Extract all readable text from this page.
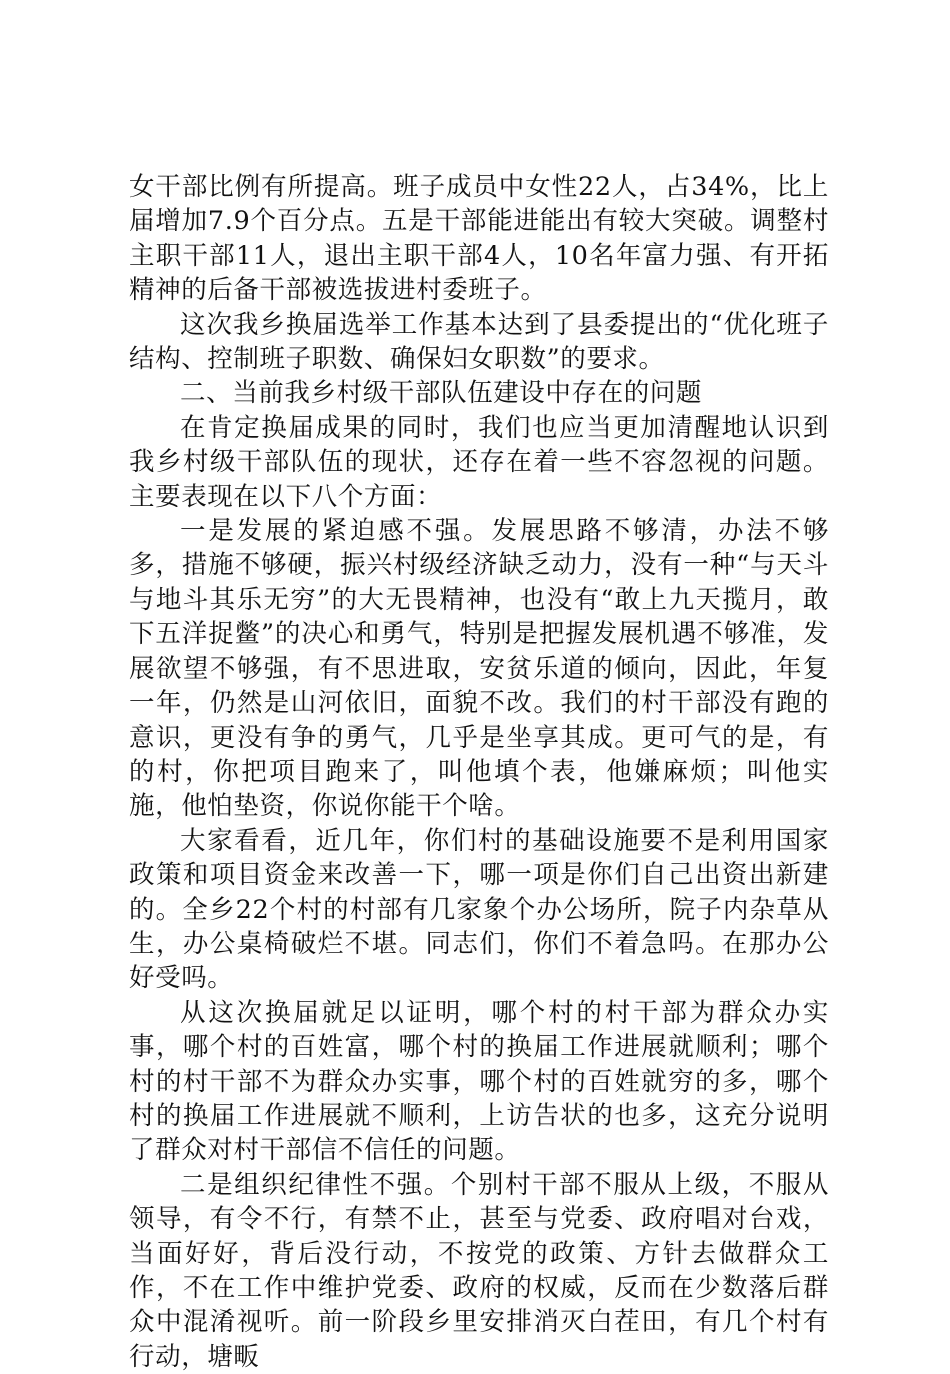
女干部比例有所提高。班子成员中女性22人，占34%，比上届增加7.9个百分点。五是干部能进能出有较大突破。调整村主职干部11人，退出主职干部4人，10名年富力强、有开拓精神的后备干部被选拔进村委班子。

这次我乡换届选举工作基本达到了县委提出的“优化班子结构、控制班子职数、确保妇女职数”的要求。

二、当前我乡村级干部队伍建设中存在的问题

在肯定换届成果的同时，我们也应当更加清醒地认识到我乡村级干部队伍的现状，还存在着一些不容忽视的问题。主要表现在以下八个方面：

一是发展的紧迫感不强。发展思路不够清，办法不够多，措施不够硬，振兴村级经济缺乏动力，没有一种“与天斗与地斗其乐无穷”的大无畏精神，也没有“敢上九天揽月，敢下五洋捉鳖”的决心和勇气，特别是把握发展机遇不够准，发展欲望不够强，有不思进取，安贫乐道的倾向，因此，年复一年，仍然是山河依旧，面貌不改。我们的村干部没有跑的意识，更没有争的勇气，几乎是坐享其成。更可气的是，有的村，你把项目跑来了，叫他填个表，他嫌麻烦；叫他实施，他怕垫资，你说你能干个啥。

大家看看，近几年，你们村的基础设施要不是利用国家政策和项目资金来改善一下，哪一项是你们自己出资出新建的。全乡22个村的村部有几家象个办公场所，院子内杂草从生，办公桌椅破烂不堪。同志们，你们不着急吗。在那办公好受吗。

从这次换届就足以证明，哪个村的村干部为群众办实事，哪个村的百姓富，哪个村的换届工作进展就顺利；哪个村的村干部不为群众办实事，哪个村的百姓就穷的多，哪个村的换届工作进展就不顺利，上访告状的也多，这充分说明了群众对村干部信不信任的问题。

二是组织纪律性不强。个别村干部不服从上级，不服从领导，有令不行，有禁不止，甚至与党委、政府唱对台戏，当面好好，背后没行动，不按党的政策、方针去做群众工作，不在工作中维护党委、政府的权威，反而在少数落后群众中混淆视听。前一阶段乡里安排消灭白茬田，有几个村有行动，塘畈
